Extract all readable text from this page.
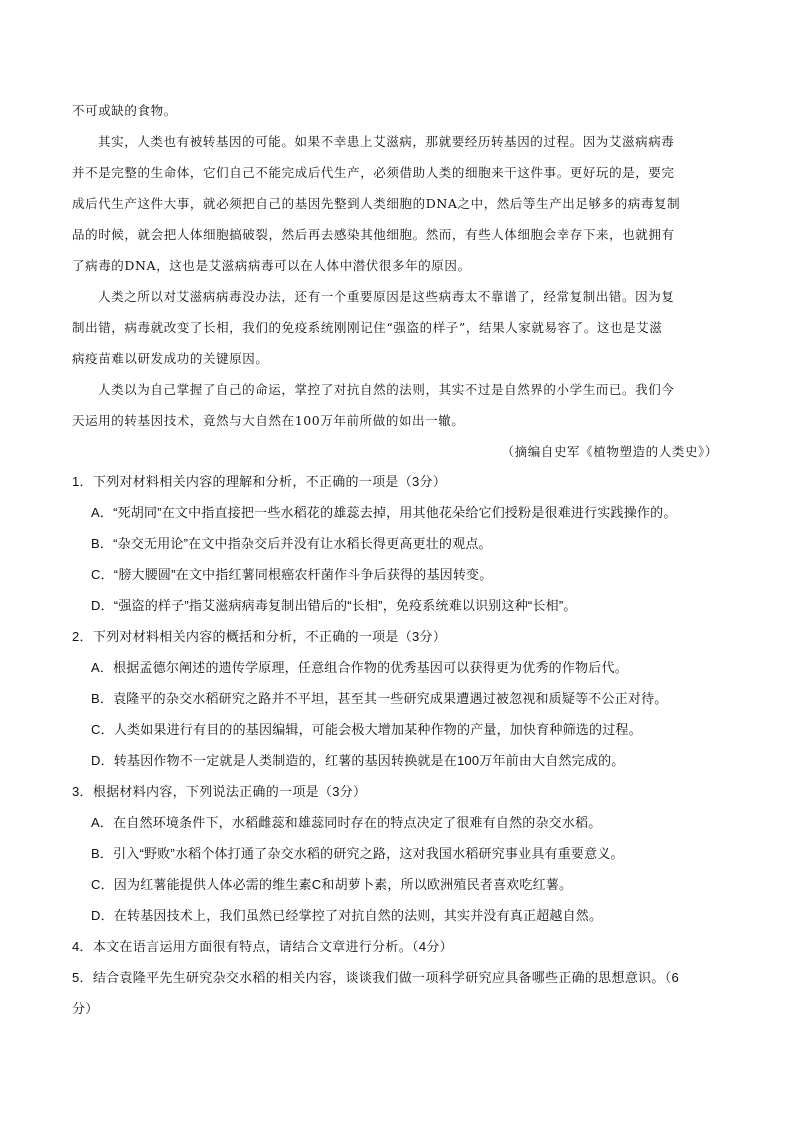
不可或缺的食物。
其实，人类也有被转基因的可能。如果不幸患上艾滋病，那就要经历转基因的过程。因为艾滋病病毒
并不是完整的生命体，它们自己不能完成后代生产，必须借助人类的细胞来干这件事。更好玩的是，要完
成后代生产这件大事，就必须把自己的基因先整到人类细胞的DNA之中，然后等生产出足够多的病毒复制
品的时候，就会把人体细胞搞破裂，然后再去感染其他细胞。然而，有些人体细胞会幸存下来，也就拥有
了病毒的DNA，这也是艾滋病病毒可以在人体中潜伏很多年的原因。
人类之所以对艾滋病病毒没办法，还有一个重要原因是这些病毒太不靠谱了，经常复制出错。因为复
制出错，病毒就改变了长相，我们的免疫系统刚刚记住“强盗的样子”，结果人家就易容了。这也是艾滋
病疫苗难以研发成功的关键原因。
人类以为自己掌握了自己的命运，掌控了对抗自然的法则，其实不过是自然界的小学生而已。我们今
天运用的转基因技术，竟然与大自然在100万年前所做的如出一辙。
（摘编自史军《植物塑造的人类史》）
1．下列对材料相关内容的理解和分析，不正确的一项是（3分）
A．“死胡同”在文中指直接把一些水稻花的雄蕊去掉，用其他花朵给它们授粉是很难进行实践操作的。
B．“杂交无用论”在文中指杂交后并没有让水稻长得更高更壮的观点。
C．“膀大腰圆”在文中指红薯同根癌农杆菌作斗争后获得的基因转变。
D．“强盗的样子”指艾滋病病毒复制出错后的“长相”，免疫系统难以识别这种“长相”。
2．下列对材料相关内容的概括和分析，不正确的一项是（3分）
A．根据孟德尔阐述的遗传学原理，任意组合作物的优秀基因可以获得更为优秀的作物后代。
B．袁隆平的杂交水稻研究之路并不平坦，甚至其一些研究成果遭遇过被忽视和质疑等不公正对待。
C．人类如果进行有目的的基因编辑，可能会极大增加某种作物的产量，加快育种筛选的过程。
D．转基因作物不一定就是人类制造的，红薯的基因转换就是在100万年前由大自然完成的。
3．根据材料内容，下列说法正确的一项是（3分）
A．在自然环境条件下，水稻雌蕊和雄蕊同时存在的特点决定了很难有自然的杂交水稻。
B．引入“野败”水稻个体打通了杂交水稻的研究之路，这对我国水稻研究事业具有重要意义。
C．因为红薯能提供人体必需的维生素C和胡萝卜素，所以欧洲殖民者喜欢吃红薯。
D．在转基因技术上，我们虽然已经掌控了对抗自然的法则，其实并没有真正超越自然。
4．本文在语言运用方面很有特点，请结合文章进行分析。（4分）
5．结合袁隆平先生研究杂交水稻的相关内容，谈谈我们做一项科学研究应具备哪些正确的思想意识。（6
分）
